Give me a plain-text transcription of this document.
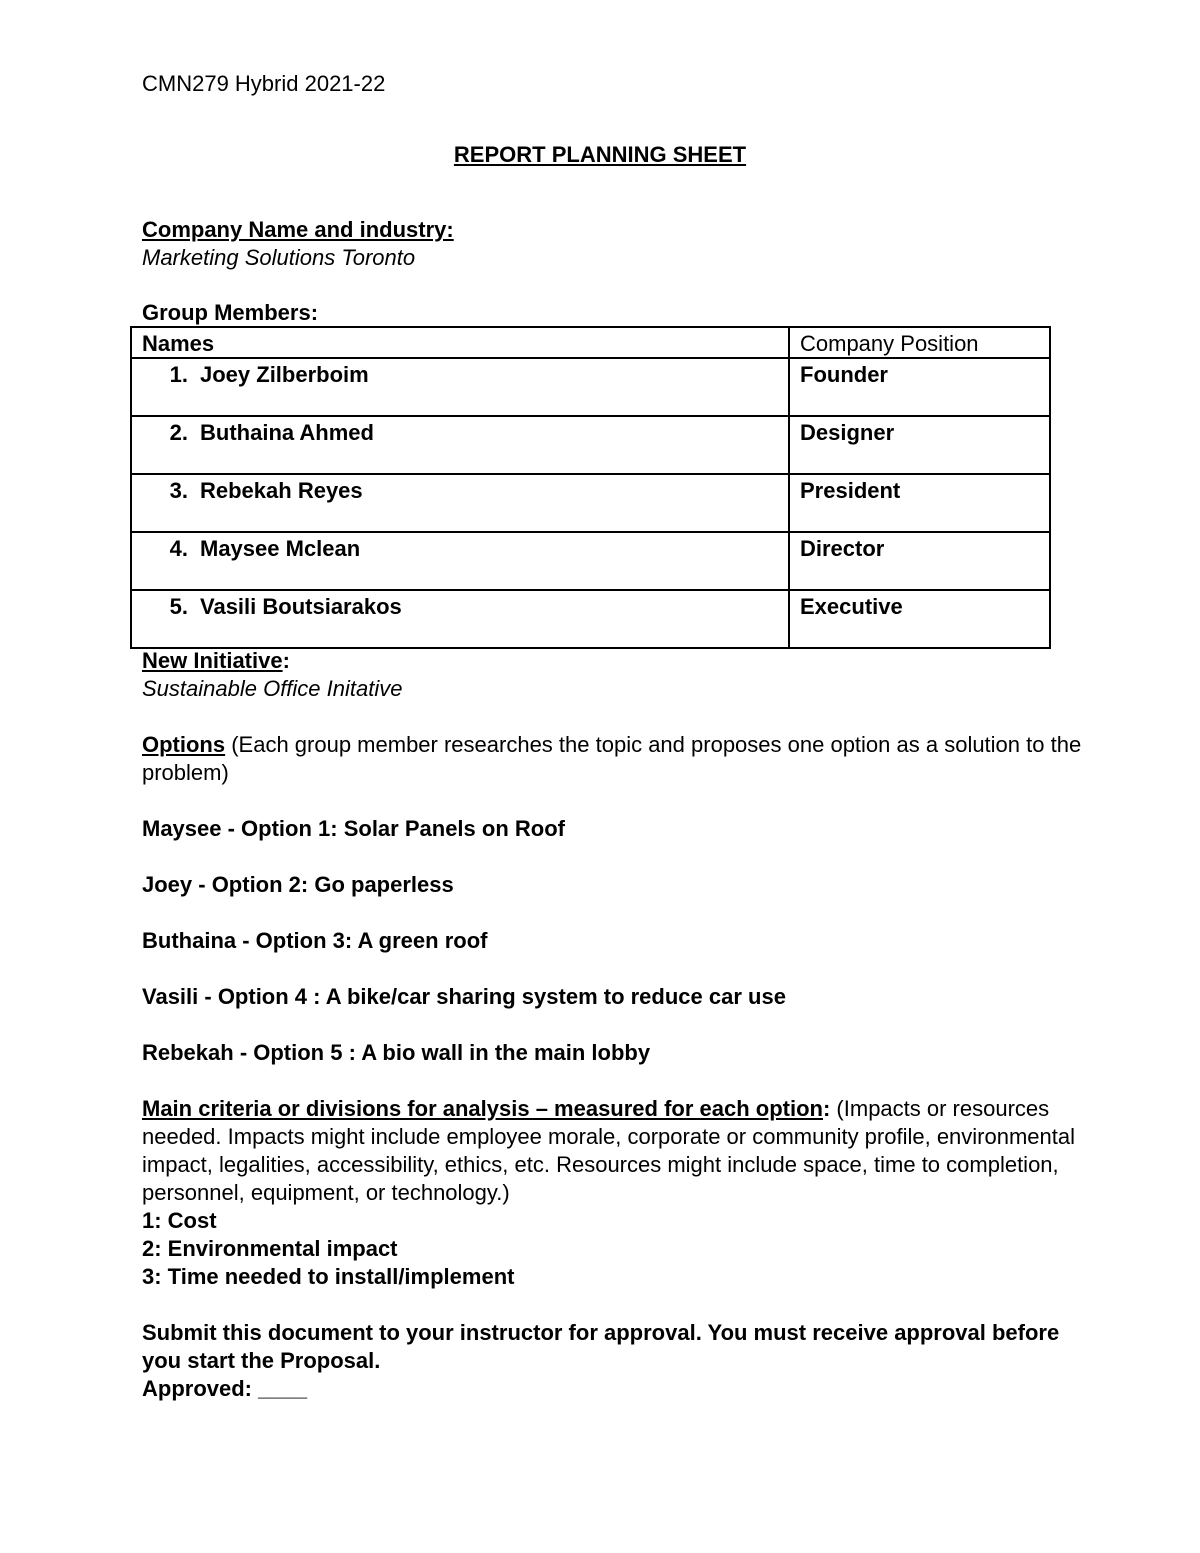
CMN279 Hybrid 2021-22
REPORT PLANNING SHEET
Company Name and industry:
Marketing Solutions Toronto
Group Members:
Names	Company Position
1. Joey Zilberboim	Founder
2. Buthaina Ahmed	Designer
3. Rebekah Reyes	President
4. Maysee Mclean	Director
5. Vasili Boutsiarakos	Executive
New Initiative:
Sustainable Office Initative
Options (Each group member researches the topic and proposes one option as a solution to the problem)
Maysee - Option 1: Solar Panels on Roof
Joey - Option 2: Go paperless
Buthaina - Option 3: A green roof
Vasili - Option 4 : A bike/car sharing system to reduce car use
Rebekah - Option 5 : A bio wall in the main lobby
Main criteria or divisions for analysis – measured for each option: (Impacts or resources needed. Impacts might include employee morale, corporate or community profile, environmental impact, legalities, accessibility, ethics, etc. Resources might include space, time to completion, personnel, equipment, or technology.)
1: Cost
2: Environmental impact
3: Time needed to install/implement
Submit this document to your instructor for approval. You must receive approval before you start the Proposal.
Approved: ____
